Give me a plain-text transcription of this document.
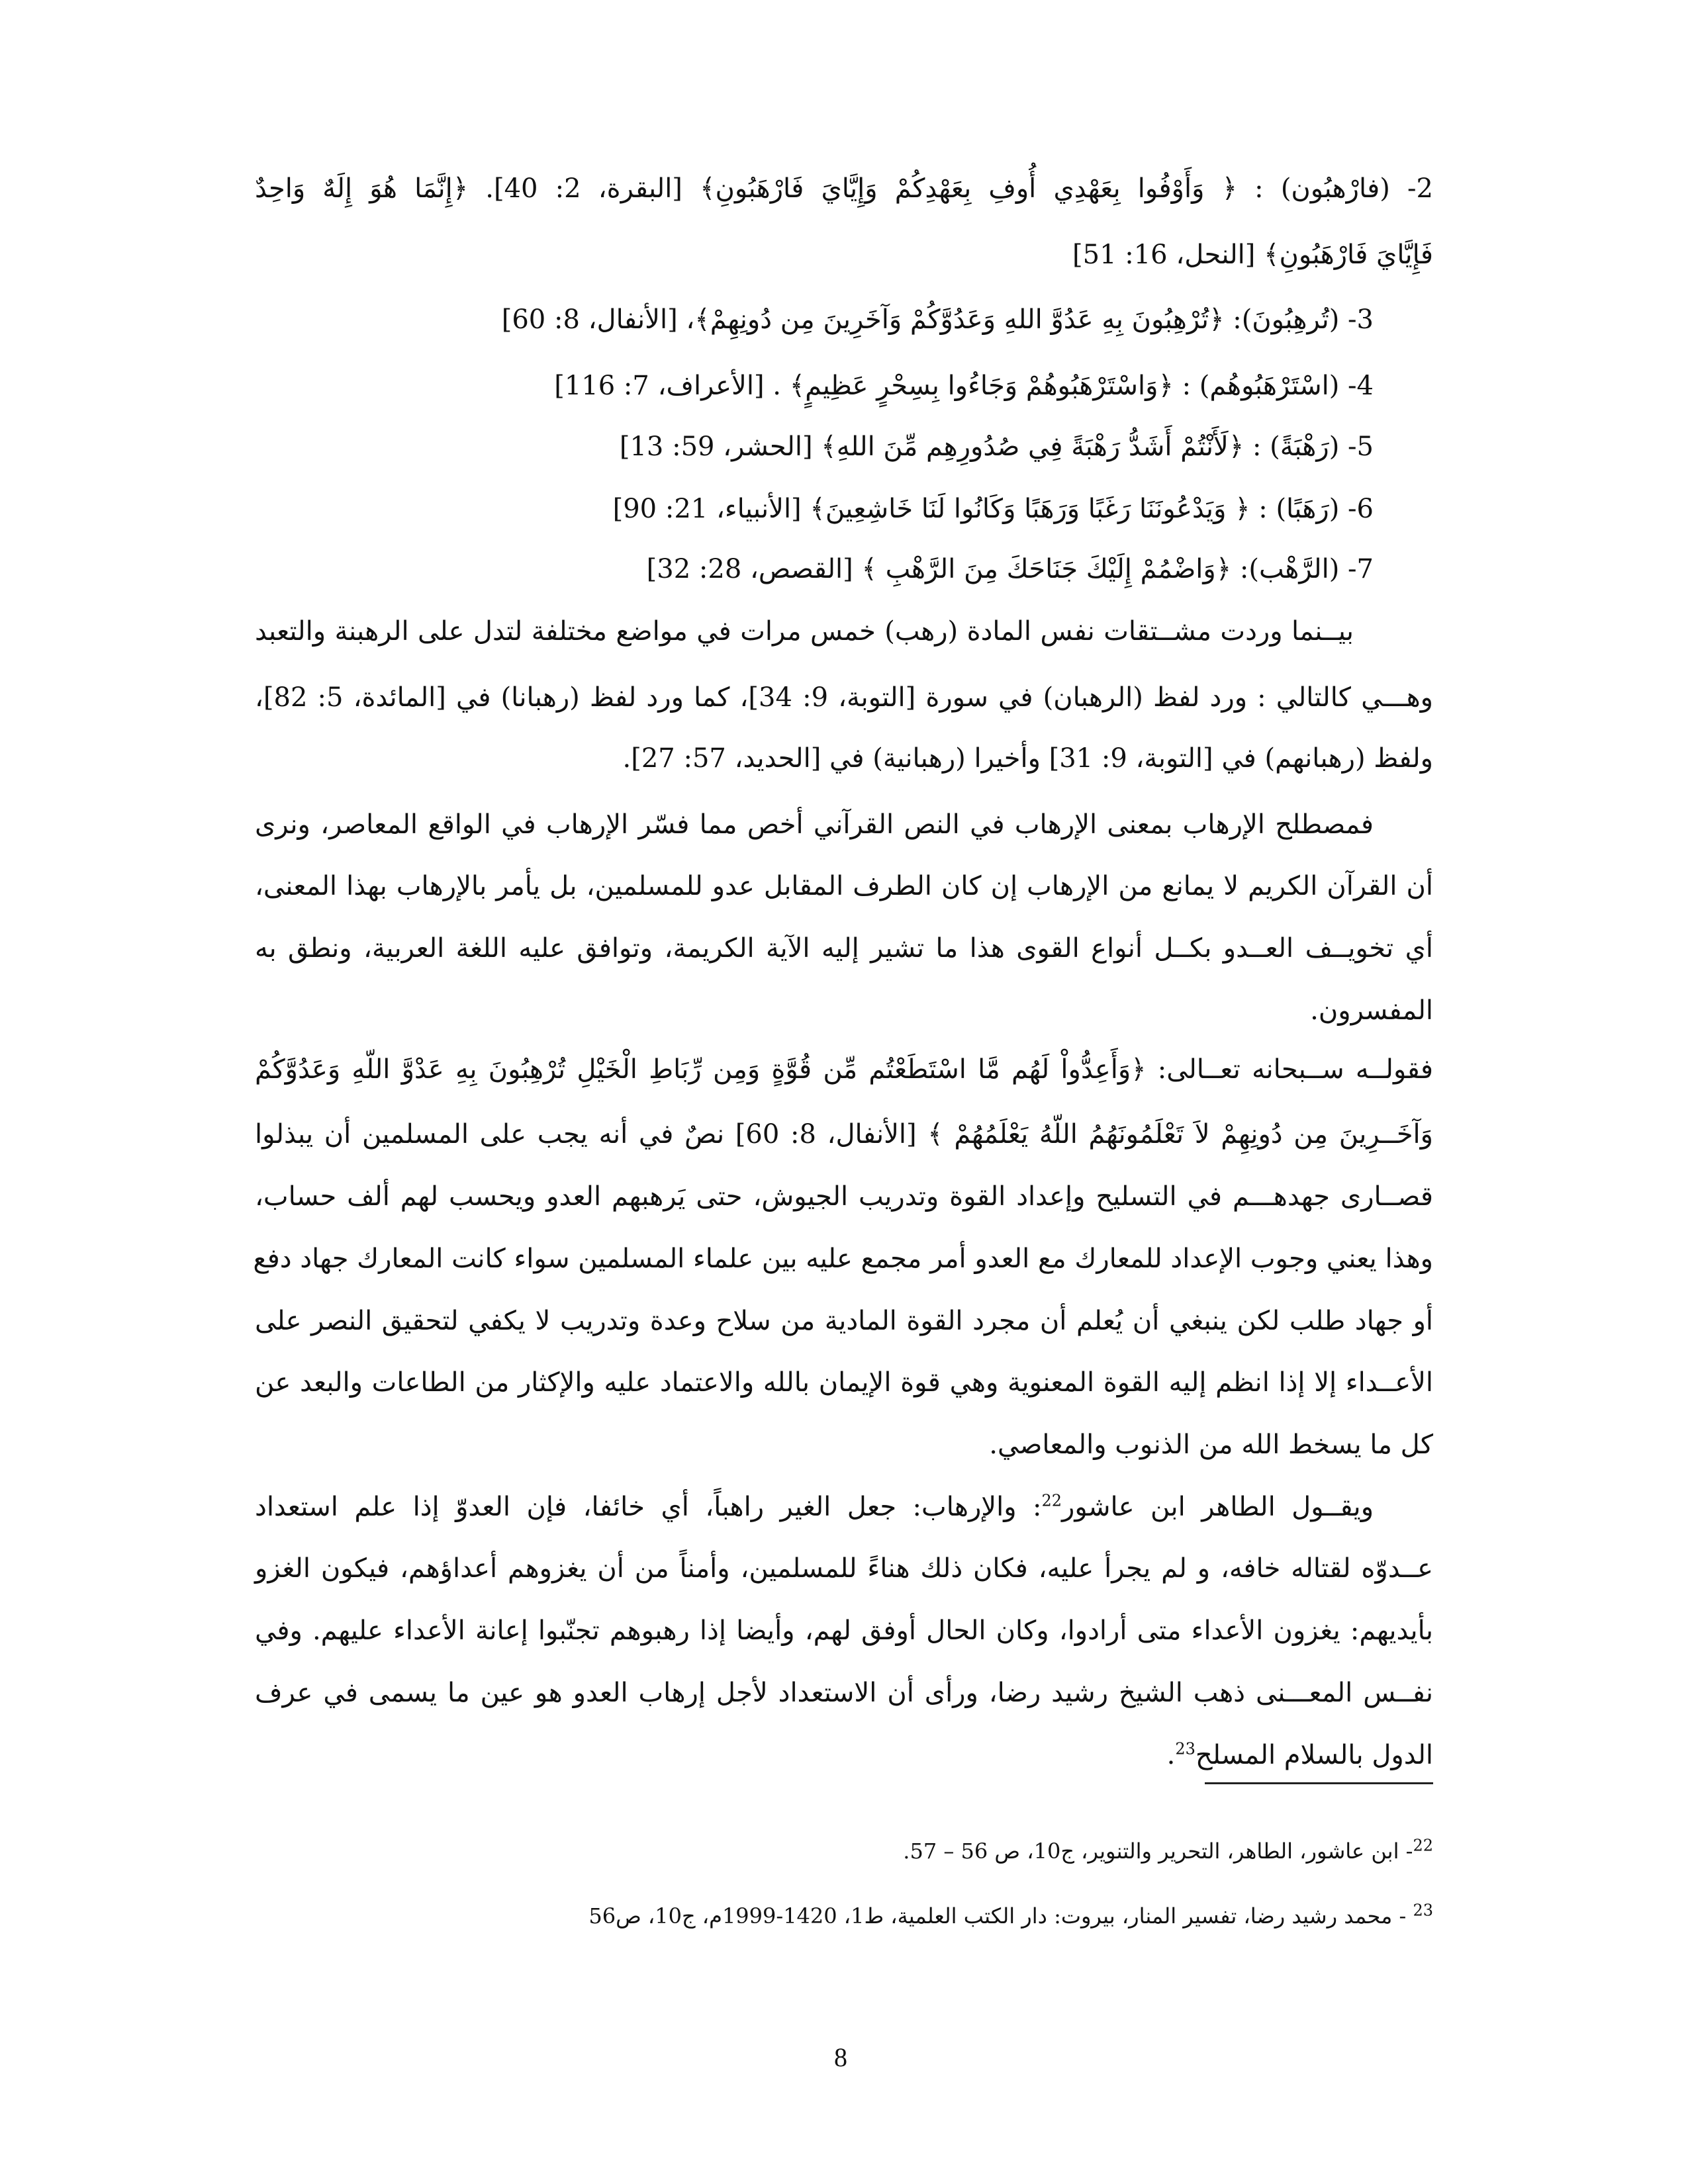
2- (فارْهبُون) : ﴿ وَأَوْفُوا بِعَهْدِي أُوفِ بِعَهْدِكُمْ وَإِيَّايَ فَارْهَبُونِ﴾ [البقرة، 2: 40]. ﴿إِنَّمَا هُوَ إِلَهٌ وَاحِدٌ
فَإِيَّايَ فَارْهَبُونِ﴾ [النحل، 16: 51]
3- (تُرهِبُونَ): ﴿تُرْهِبُونَ بِهِ عَدُوَّ اللهِ وَعَدُوَّكُمْ وَآخَرِينَ مِن دُونِهِمْ﴾، [الأنفال، 8: 60]
4- (اسْتَرْهَبُوهُم) : ﴿وَاسْتَرْهَبُوهُمْ وَجَاءُوا بِسِحْرٍ عَظِيمٍ﴾ . [الأعراف، 7: 116]
5- (رَهْبَةً) : ﴿لَأَنْتُمْ أَشَدُّ رَهْبَةً فِي صُدُورِهِم مِّنَ اللهِ﴾ [الحشر، 59: 13]
6- (رَهَبًا) : ﴿ وَيَدْعُونَنَا رَغَبًا وَرَهَبًا وَكَانُوا لَنَا خَاشِعِينَ﴾ [الأنبياء، 21: 90]
7- (الرَّهْب): ﴿وَاضْمُمْ إِلَيْكَ جَنَاحَكَ مِنَ الرَّهْبِ ﴾ [القصص، 28: 32]
بيــنما وردت مشــتقات نفس المادة (رهب) خمس مرات في مواضع مختلفة لتدل على الرهبنة والتعبد
وهـــي كالتالي : ورد لفظ (الرهبان) في سورة [التوبة، 9: 34]، كما ورد لفظ (رهبانا) في [المائدة، 5: 82]،
ولفظ (رهبانهم) في [التوبة، 9: 31] وأخيرا (رهبانية) في [الحديد، 57: 27].
فمصطلح الإرهاب بمعنى الإرهاب في النص القرآني أخص مما فسّر الإرهاب في الواقع المعاصر، ونرى
أن القرآن الكريم لا يمانع من الإرهاب إن كان الطرف المقابل عدو للمسلمين، بل يأمر بالإرهاب بهذا المعنى،
أي تخويــف العــدو بكــل أنواع القوى هذا ما تشير إليه الآية الكريمة، وتوافق عليه اللغة العربية، ونطق به
المفسرون.
فقولــه ســبحانه تعــالى: ﴿وَأَعِدُّواْ لَهُم مَّا اسْتَطَعْتُم مِّن قُوَّةٍ وَمِن رِّبَاطِ الْخَيْلِ تُرْهِبُونَ بِهِ عَدْوَّ اللّهِ وَعَدُوَّكُمْ
وَآخَــرِينَ مِن دُونِهِمْ لاَ تَعْلَمُونَهُمُ اللّهُ يَعْلَمُهُمْ ﴾ [الأنفال، 8: 60] نصٌ في أنه يجب على المسلمين أن يبذلوا
قصــارى جهدهـــم في التسليح وإعداد القوة وتدريب الجيوش، حتى يَرهبهم العدو ويحسب لهم ألف حساب،
وهذا يعني وجوب الإعداد للمعارك مع العدو أمر مجمع عليه بين علماء المسلمين سواء كانت المعارك جهاد دفع
أو جهاد طلب لكن ينبغي أن يُعلم أن مجرد القوة المادية من سلاح وعدة وتدريب لا يكفي لتحقيق النصر على
الأعــداء إلا إذا انظم إليه القوة المعنوية وهي قوة الإيمان بالله والاعتماد عليه والإكثار من الطاعات والبعد عن
كل ما يسخط الله من الذنوب والمعاصي.
ويقــول الطاهر ابن عاشور$^{22}$: والإرهاب: جعل الغير راهباً، أي خائفا، فإن العدوّ إذا علم استعداد
عــدوّه لقتاله خافه، و لم يجرأ عليه، فكان ذلك هناءً للمسلمين، وأمناً من أن يغزوهم أعداؤهم، فيكون الغزو
بأيديهم: يغزون الأعداء متى أرادوا، وكان الحال أوفق لهم، وأيضا إذا رهبوهم تجنّبوا إعانة الأعداء عليهم. وفي
نفــس المعـــنى ذهب الشيخ رشيد رضا، ورأى أن الاستعداد لأجل إرهاب العدو هو عين ما يسمى في عرف
الدول بالسلام المسلح$^{23}$.
$^{22}$- ابن عاشور، الطاهر، التحرير والتنوير، ج10، ص 56 – 57.
$^{23}$ - محمد رشيد رضا، تفسير المنار، بيروت: دار الكتب العلمية، ط1، 1420-1999م، ج10، ص56
8
